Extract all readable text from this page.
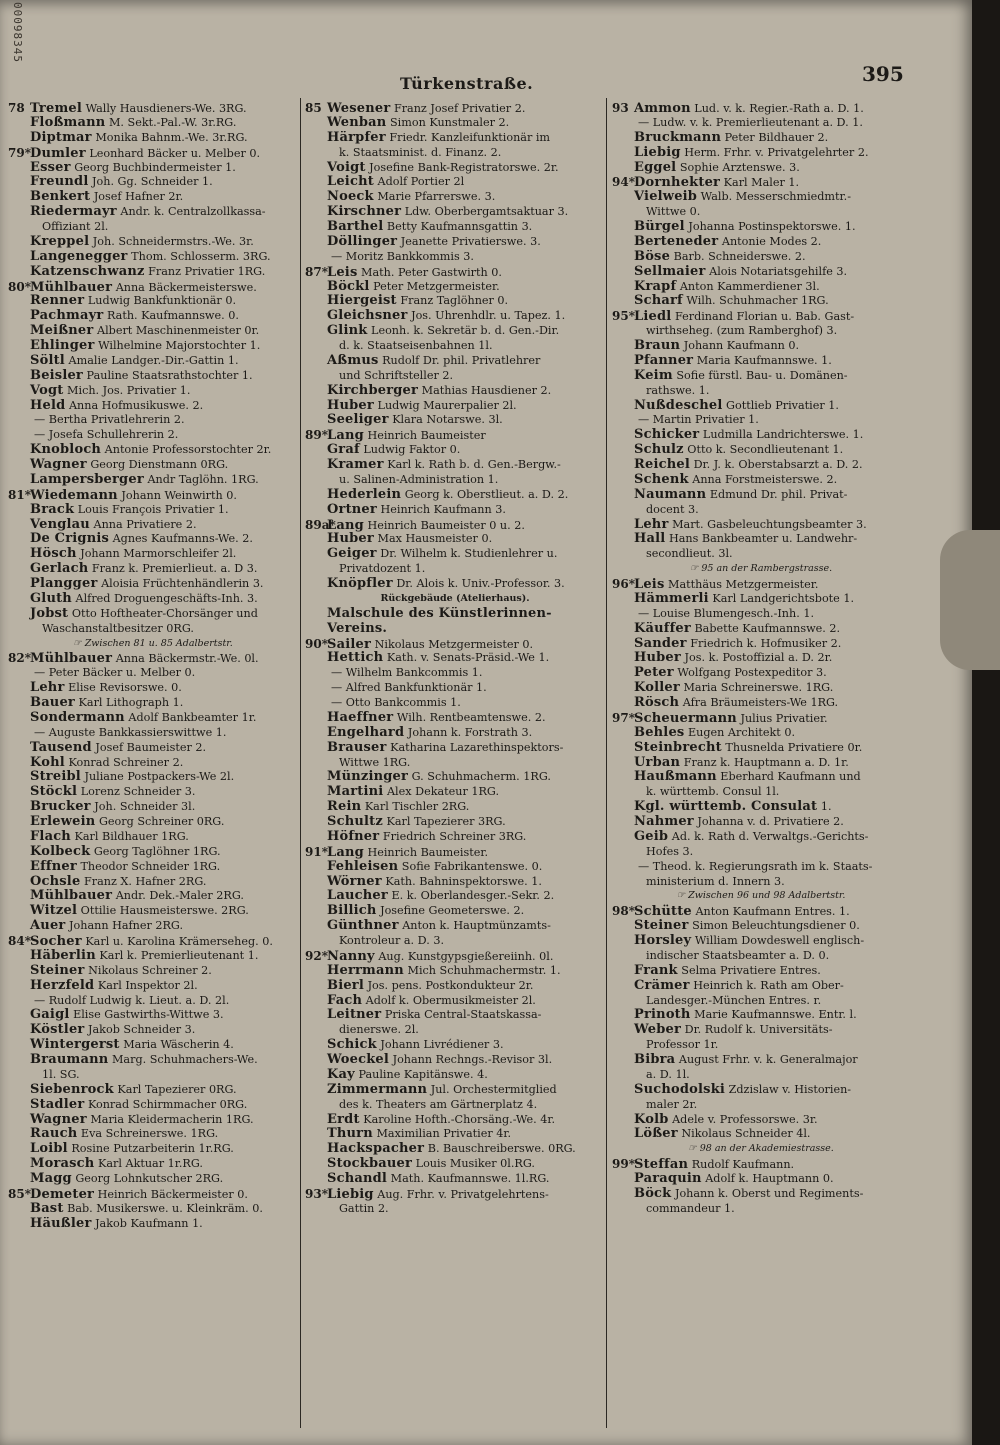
00098345
Türkenstraße.	395
78 Tremel Wally Hausdieners-We. 3RG.
Floßmann M. Sekt.-Pal.-W. 3r.RG.
Diptmar Monika Bahnm.-We. 3r.RG.
79*Dumler Leonhard Bäcker u. Melber 0.
Esser Georg Buchbindermeister 1.
Freundl Joh. Gg. Schneider 1.
Benkert Josef Hafner 2r.
Riedermayr Andr. k. Centralzollkassa-
Offiziant 2l.
Kreppel Joh. Schneidermstrs.-We. 3r.
Langenegger Thom. Schlosserm. 3RG.
Katzenschwanz Franz Privatier 1RG.
80*Mühlbauer Anna Bäckermeisterswe.
Renner Ludwig Bankfunktionär 0.
Pachmayr Rath. Kaufmannswe. 0.
Meißner Albert Maschinenmeister 0r.
Ehlinger Wilhelmine Majorstochter 1.
Söltl Amalie Landger.-Dir.-Gattin 1.
Beisler Pauline Staatsrathstochter 1.
Vogt Mich. Jos. Privatier 1.
Held Anna Hofmusikuswe. 2.
— Bertha Privatlehrerin 2.
— Josefa Schullehrerin 2.
Knobloch Antonie Professorstochter 2r.
Wagner Georg Dienstmann 0RG.
Lampersberger Andr Taglöhn. 1RG.
81*Wiedemann Johann Weinwirth 0.
Brack Louis François Privatier 1.
Venglau Anna Privatiere 2.
De Crignis Agnes Kaufmanns-We. 2.
Hösch Johann Marmorschleifer 2l.
Gerlach Franz k. Premierlieut. a. D 3.
Plangger Aloisia Früchtenhändlerin 3.
Gluth Alfred Droguengeschäfts-Inh. 3.
Jobst Otto Hoftheater-Chorsänger und
Waschanstaltbesitzer 0RG.
☞ Zwischen 81 u. 85 Adalbertstr.
82*Mühlbauer Anna Bäckermstr.-We. 0l.
— Peter Bäcker u. Melber 0.
Lehr Elise Revisorswe. 0.
Bauer Karl Lithograph 1.
Sondermann Adolf Bankbeamter 1r.
— Auguste Bankkassierswittwe 1.
Tausend Josef Baumeister 2.
Kohl Konrad Schreiner 2.
Streibl Juliane Postpackers-We 2l.
Stöckl Lorenz Schneider 3.
Brucker Joh. Schneider 3l.
Erlewein Georg Schreiner 0RG.
Flach Karl Bildhauer 1RG.
Kolbeck Georg Taglöhner 1RG.
Effner Theodor Schneider 1RG.
Ochsle Franz X. Hafner 2RG.
Mühlbauer Andr. Dek.-Maler 2RG.
Witzel Ottilie Hausmeisterswe. 2RG.
Auer Johann Hafner 2RG.
84*Socher Karl u. Karolina Krämerseheg. 0.
Häberlin Karl k. Premierlieutenant 1.
Steiner Nikolaus Schreiner 2.
Herzfeld Karl Inspektor 2l.
— Rudolf Ludwig k. Lieut. a. D. 2l.
Gaigl Elise Gastwirths-Wittwe 3.
Köstler Jakob Schneider 3.
Wintergerst Maria Wäscherin 4.
Braumann Marg. Schuhmachers-We.
1l. SG.
Siebenrock Karl Tapezierer 0RG.
Stadler Konrad Schirmmacher 0RG.
Wagner Maria Kleidermacherin 1RG.
Rauch Eva Schreinerswe. 1RG.
Loibl Rosine Putzarbeiterin 1r.RG.
Morasch Karl Aktuar 1r.RG.
Magg Georg Lohnkutscher 2RG.
85*Demeter Heinrich Bäckermeister 0.
Bast Bab. Musikerswe. u. Kleinkräm. 0.
Häußler Jakob Kaufmann 1.
85 Wesener Franz Josef Privatier 2.
Wenban Simon Kunstmaler 2.
Härpfer Friedr. Kanzleifunktionär im
k. Staatsminist. d. Finanz. 2.
Voigt Josefine Bank-Registratorswe. 2r.
Leicht Adolf Portier 2l
Noeck Marie Pfarrerswe. 3.
Kirschner Ldw. Oberbergamtsaktuar 3.
Barthel Betty Kaufmannsgattin 3.
Döllinger Jeanette Privatierswe. 3.
— Moritz Bankkommis 3.
87*Leis Math. Peter Gastwirth 0.
Böckl Peter Metzgermeister.
Hiergeist Franz Taglöhner 0.
Gleichsner Jos. Uhrenhdlr. u. Tapez. 1.
Glink Leonh. k. Sekretär b. d. Gen.-Dir.
d. k. Staatseisenbahnen 1l.
Aßmus Rudolf Dr. phil. Privatlehrer
und Schriftsteller 2.
Kirchberger Mathias Hausdiener 2.
Huber Ludwig Maurerpalier 2l.
Seeliger Klara Notarswe. 3l.
89*Lang Heinrich Baumeister
Graf Ludwig Faktor 0.
Kramer Karl k. Rath b. d. Gen.-Bergw.-
u. Salinen-Administration 1.
Hederlein Georg k. Oberstlieut. a. D. 2.
Ortner Heinrich Kaufmann 3.
89a*Lang Heinrich Baumeister 0 u. 2.
Huber Max Hausmeister 0.
Geiger Dr. Wilhelm k. Studienlehrer u.
Privatdozent 1.
Knöpfler Dr. Alois k. Univ.-Professor. 3.
Rückgebäude (Atelierhaus).
Malschule des Künstlerinnen-
Vereins.
90*Sailer Nikolaus Metzgermeister 0.
Hettich Kath. v. Senats-Präsid.-We 1.
— Wilhelm Bankcommis 1.
— Alfred Bankfunktionär 1.
— Otto Bankcommis 1.
Haeffner Wilh. Rentbeamtenswe. 2.
Engelhard Johann k. Forstrath 3.
Brauser Katharina Lazarethinspektors-
Wittwe 1RG.
Münzinger G. Schuhmacherm. 1RG.
Martini Alex Dekateur 1RG.
Rein Karl Tischler 2RG.
Schultz Karl Tapezierer 3RG.
Höfner Friedrich Schreiner 3RG.
91*Lang Heinrich Baumeister.
Fehleisen Sofie Fabrikantenswe. 0.
Wörner Kath. Bahninspektorswe. 1.
Laucher E. k. Oberlandesger.-Sekr. 2.
Billich Josefine Geometerswe. 2.
Günthner Anton k. Hauptmünzamts-
Kontroleur a. D. 3.
92*Nanny Aug. Kunstgypsgießereiinh. 0l.
Herrmann Mich Schuhmachermstr. 1.
Bierl Jos. pens. Postkondukteur 2r.
Fach Adolf k. Obermusikmeister 2l.
Leitner Priska Central-Staatskassa-
dienerswe. 2l.
Schick Johann Livrédiener 3.
Woeckel Johann Rechngs.-Revisor 3l.
Kay Pauline Kapitänswe. 4.
Zimmermann Jul. Orchestermitglied
des k. Theaters am Gärtnerplatz 4.
Erdt Karoline Hofth.-Chorsäng.-We. 4r.
Thurn Maximilian Privatier 4r.
Hackspacher B. Bauschreiberswe. 0RG.
Stockbauer Louis Musiker 0l.RG.
Schandl Math. Kaufmannswe. 1l.RG.
93*Liebig Aug. Frhr. v. Privatgelehrtens-
Gattin 2.
93 Ammon Lud. v. k. Regier.-Rath a. D. 1.
— Ludw. v. k. Premierlieutenant a. D. 1.
Bruckmann Peter Bildhauer 2.
Liebig Herm. Frhr. v. Privatgelehrter 2.
Eggel Sophie Arztenswe. 3.
94*Dornhekter Karl Maler 1.
Vielweib Walb. Messerschmiedmtr.-
Wittwe 0.
Bürgel Johanna Postinspektorswe. 1.
Berteneder Antonie Modes 2.
Böse Barb. Schneiderswe. 2.
Sellmaier Alois Notariatsgehilfe 3.
Krapf Anton Kammerdiener 3l.
Scharf Wilh. Schuhmacher 1RG.
95*Liedl Ferdinand Florian u. Bab. Gast-
wirthseheg. (zum Ramberghof) 3.
Braun Johann Kaufmann 0.
Pfanner Maria Kaufmannswe. 1.
Keim Sofie fürstl. Bau- u. Domänen-
rathswe. 1.
Nußdeschel Gottlieb Privatier 1.
— Martin Privatier 1.
Schicker Ludmilla Landrichterswe. 1.
Schulz Otto k. Secondlieutenant 1.
Reichel Dr. J. k. Oberstabsarzt a. D. 2.
Schenk Anna Forstmeisterswe. 2.
Naumann Edmund Dr. phil. Privat-
docent 3.
Lehr Mart. Gasbeleuchtungsbeamter 3.
Hall Hans Bankbeamter u. Landwehr-
secondlieut. 3l.
☞ 95 an der Rambergstrasse.
96*Leis Matthäus Metzgermeister.
Hämmerli Karl Landgerichtsbote 1.
— Louise Blumengesch.-Inh. 1.
Käuffer Babette Kaufmannswe. 2.
Sander Friedrich k. Hofmusiker 2.
Huber Jos. k. Postoffizial a. D. 2r.
Peter Wolfgang Postexpeditor 3.
Koller Maria Schreinerswe. 1RG.
Rösch Afra Bräumeisters-We 1RG.
97*Scheuermann Julius Privatier.
Behles Eugen Architekt 0.
Steinbrecht Thusnelda Privatiere 0r.
Urban Franz k. Hauptmann a. D. 1r.
Haußmann Eberhard Kaufmann und
k. württemb. Consul 1l.
Kgl. württemb. Consulat 1.
Nahmer Johanna v. d. Privatiere 2.
Geib Ad. k. Rath d. Verwaltgs.-Gerichts-
Hofes 3.
— Theod. k. Regierungsrath im k. Staats-
ministerium d. Innern 3.
☞ Zwischen 96 und 98 Adalbertstr.
98*Schütte Anton Kaufmann Entres. 1.
Steiner Simon Beleuchtungsdiener 0.
Horsley William Dowdeswell englisch-
indischer Staatsbeamter a. D. 0.
Frank Selma Privatiere Entres.
Crämer Heinrich k. Rath am Ober-
Landesger.-München Entres. r.
Prinoth Marie Kaufmannswe. Entr. l.
Weber Dr. Rudolf k. Universitäts-
Professor 1r.
Bibra August Frhr. v. k. Generalmajor
a. D. 1l.
Suchodolski Zdzislaw v. Historien-
maler 2r.
Kolb Adele v. Professorswe. 3r.
Lößer Nikolaus Schneider 4l.
☞ 98 an der Akademiestrasse.
99*Steffan Rudolf Kaufmann.
Paraquin Adolf k. Hauptmann 0.
Böck Johann k. Oberst und Regiments-
commandeur 1.
